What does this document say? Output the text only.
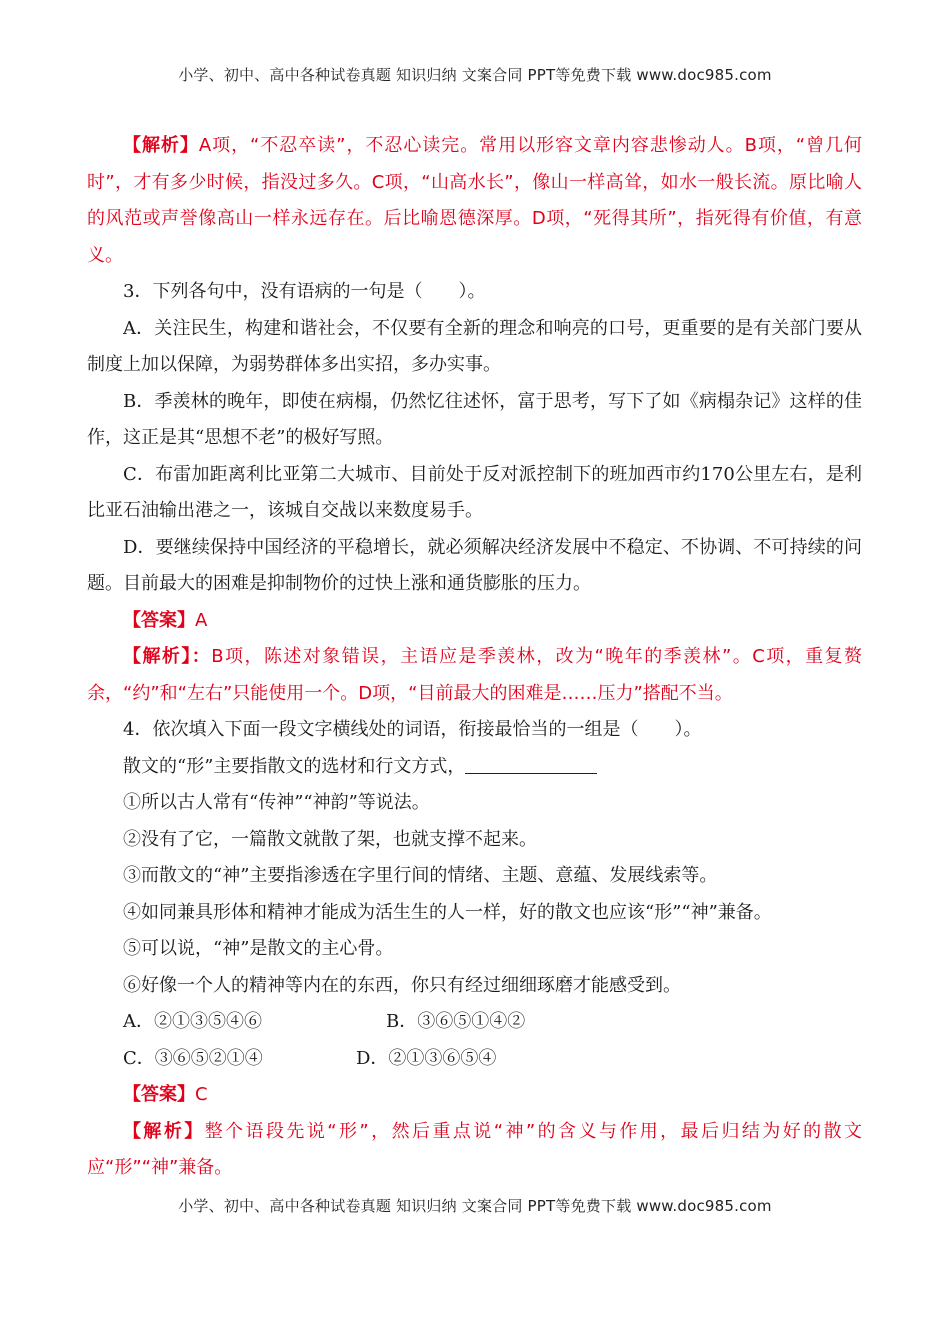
小学、初中、高中各种试卷真题 知识归纳 文案合同 PPT等免费下载 www.doc985.com

【解析】A项，“不忍卒读”，不忍心读完。常用以形容文章内容悲惨动人。B项，“曾几何时”，才有多少时候，指没过多久。C项，“山高水长”，像山一样高耸，如水一般长流。原比喻人的风范或声誉像高山一样永远存在。后比喻恩德深厚。D项，“死得其所”，指死得有价值，有意义。

3．下列各句中，没有语病的一句是（　　）。

A．关注民生，构建和谐社会，不仅要有全新的理念和响亮的口号，更重要的是有关部门要从制度上加以保障，为弱势群体多出实招，多办实事。

B．季羡林的晚年，即使在病榻，仍然忆往述怀，富于思考，写下了如《病榻杂记》这样的佳作，这正是其“思想不老”的极好写照。

C．布雷加距离利比亚第二大城市、目前处于反对派控制下的班加西市约170公里左右，是利比亚石油输出港之一，该城自交战以来数度易手。

D．要继续保持中国经济的平稳增长，就必须解决经济发展中不稳定、不协调、不可持续的问题。目前最大的困难是抑制物价的过快上涨和通货膨胀的压力。

【答案】A

【解析】：B项，陈述对象错误，主语应是季羡林，改为“晚年的季羡林”。C项，重复赘余，“约”和“左右”只能使用一个。D项，“目前最大的困难是……压力”搭配不当。

4．依次填入下面一段文字横线处的词语，衔接最恰当的一组是（　　）。

散文的“形”主要指散文的选材和行文方式，

①所以古人常有“传神”“神韵”等说法。

②没有了它，一篇散文就散了架，也就支撑不起来。

③而散文的“神”主要指渗透在字里行间的情绪、主题、意蕴、发展线索等。

④如同兼具形体和精神才能成为活生生的人一样，好的散文也应该“形”“神”兼备。

⑤可以说，“神”是散文的主心骨。

⑥好像一个人的精神等内在的东西，你只有经过细细琢磨才能感受到。

A．②①③⑤④⑥	B．③⑥⑤①④②
C．③⑥⑤②①④	D．②①③⑥⑤④

【答案】C

【解析】整个语段先说“形”，然后重点说“神”的含义与作用，最后归结为好的散文应“形”“神”兼备。

小学、初中、高中各种试卷真题 知识归纳 文案合同 PPT等免费下载 www.doc985.com
